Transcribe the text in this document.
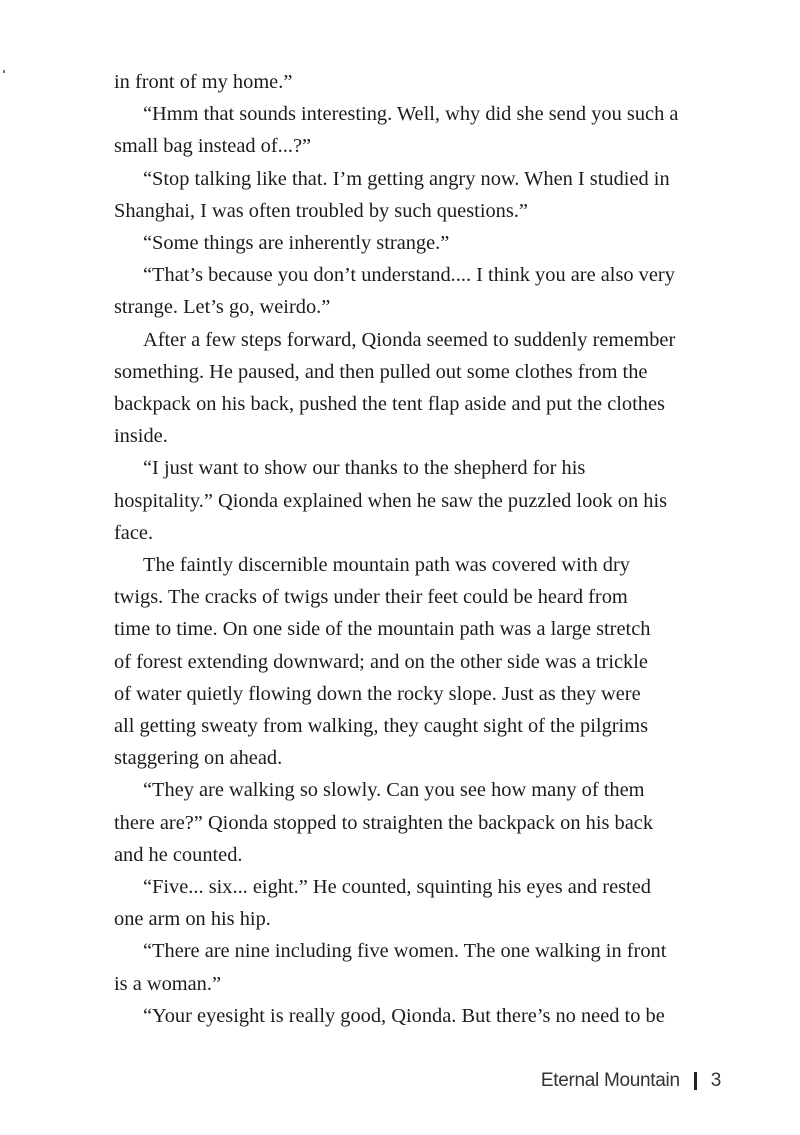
in front of my home.”

“Hmm that sounds interesting. Well, why did she send you such a
small bag instead of...?”

“Stop talking like that. I’m getting angry now. When I studied in
Shanghai, I was often troubled by such questions.”

“Some things are inherently strange.”

“That’s because you don’t understand.... I think you are also very
strange. Let’s go, weirdo.”

After a few steps forward, Qionda seemed to suddenly remember
something. He paused, and then pulled out some clothes from the
backpack on his back, pushed the tent flap aside and put the clothes
inside.

“I just want to show our thanks to the shepherd for his
hospitality.” Qionda explained when he saw the puzzled look on his
face.

The faintly discernible mountain path was covered with dry
twigs. The cracks of twigs under their feet could be heard from
time to time. On one side of the mountain path was a large stretch
of forest extending downward; and on the other side was a trickle
of water quietly flowing down the rocky slope. Just as they were
all getting sweaty from walking, they caught sight of the pilgrims
staggering on ahead.

“They are walking so slowly. Can you see how many of them
there are?” Qionda stopped to straighten the backpack on his back
and he counted.

“Five... six... eight.” He counted, squinting his eyes and rested
one arm on his hip.

“There are nine including five women. The one walking in front
is a woman.”

“Your eyesight is really good, Qionda. But there’s no need to be

Eternal Mountain 3
